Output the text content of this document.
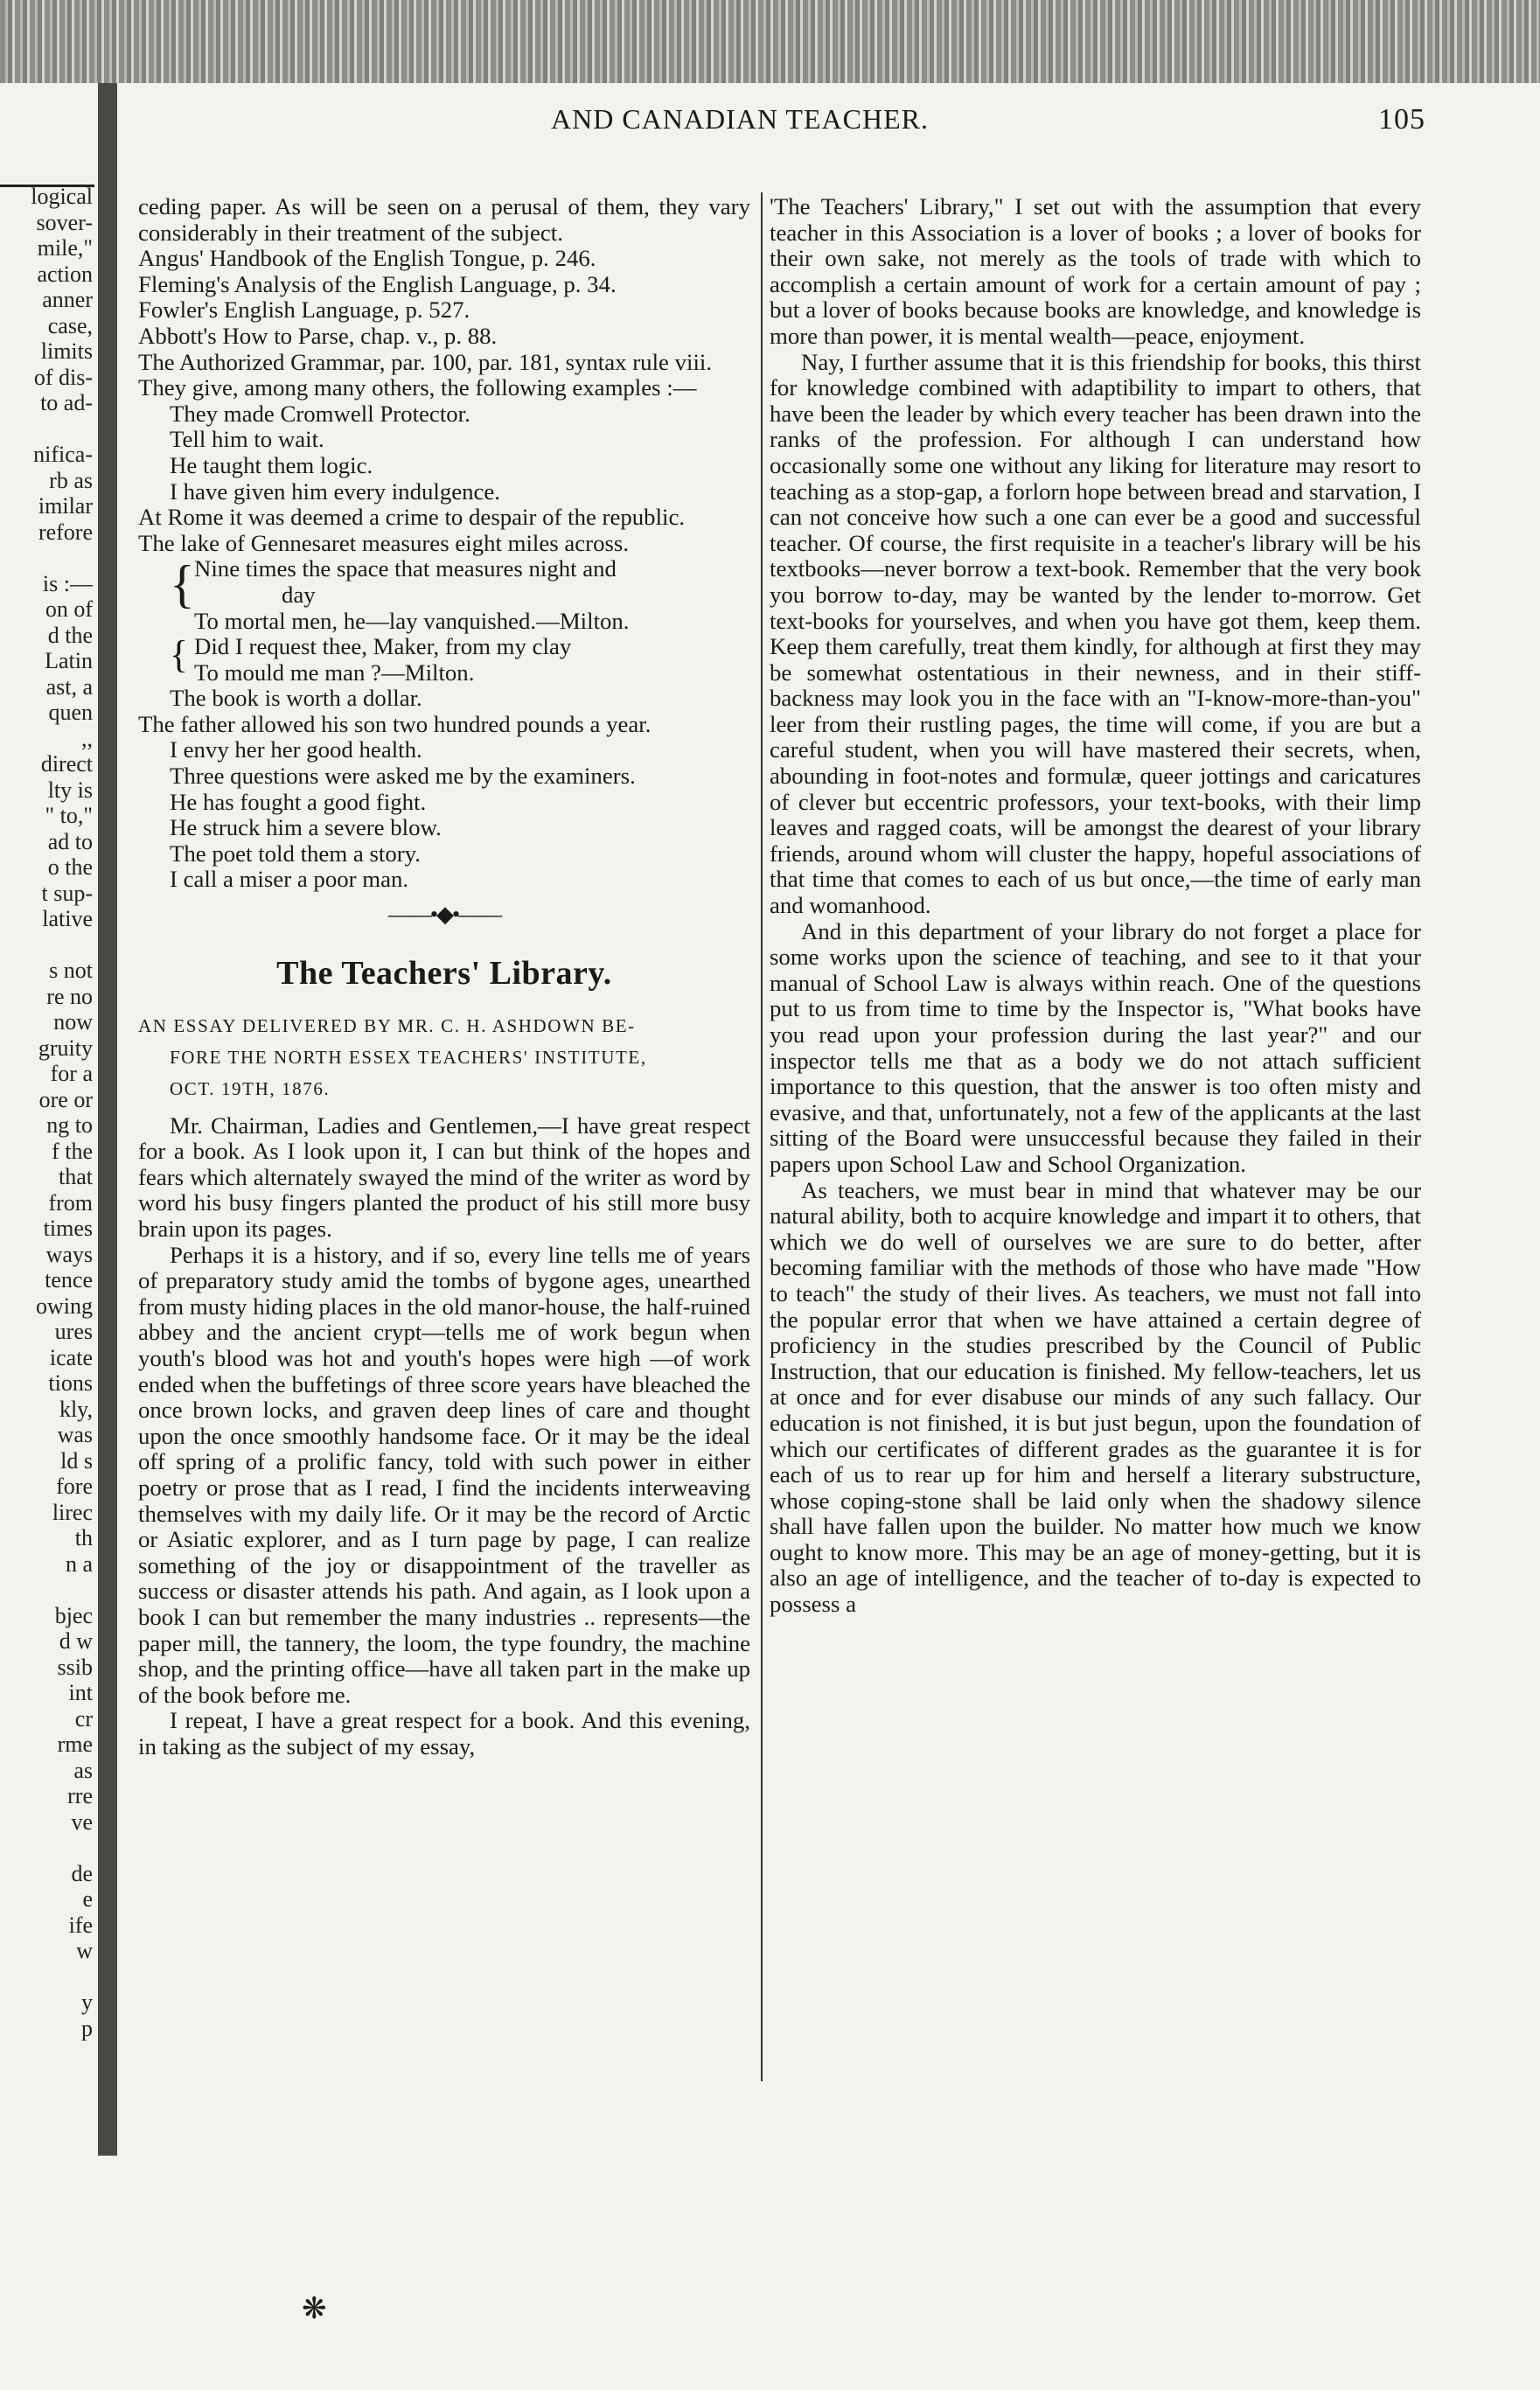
logical
sover-
mile,"
action
anner
case,
limits
of dis-
to ad-

nifica-
rb as
imilar
refore

is :—
on of
d the
Latin
ast, a
quen
,,
direct
lty is
" to,"
ad to
o the
t sup-
lative

s not
re no
now
gruity
for a
ore or
ng to
f the
that
from
times
ways
tence
owing
ures
icate
tions
kly,
was
ld s
fore
lirec
th
n a

bjec
d w
ssib
int
cr
rme
as
rre
ve

de
e
ife
w

y
p
AND CANADIAN TEACHER.	105

ceding paper. As will be seen on a perusal of them, they vary considerably in their treatment of the subject.

Angus' Handbook of the English Tongue, p. 246.

Fleming's Analysis of the English Language, p. 34.

Fowler's English Language, p. 527.

Abbott's How to Parse, chap. v., p. 88.

The Authorized Grammar, par. 100, par. 181, syntax rule viii.

They give, among many others, the following examples :—

They made Cromwell Protector.

Tell him to wait.

He taught them logic.

I have given him every indulgence.

At Rome it was deemed a crime to despair of the republic.

The lake of Gennesaret measures eight miles across.

{ Nine times the space that measures night and

day

To mortal men, he—lay vanquished.—Milton.

{ Did I request thee, Maker, from my clay

To mould me man ?—Milton.

The book is worth a dollar.

The father allowed his son two hundred pounds a year.

I envy her her good health.

Three questions were asked me by the examiners.

He has fought a good fight.

He struck him a severe blow.

The poet told them a story.

I call a miser a poor man.

——•◆•——
The Teachers' Library.
AN ESSAY DELIVERED BY MR. C. H. ASHDOWN BE-
FORE THE NORTH ESSEX TEACHERS' INSTITUTE,
OCT. 19TH, 1876.

Mr. Chairman, Ladies and Gentlemen,—I have great respect for a book. As I look upon it, I can but think of the hopes and fears which alternately swayed the mind of the writer as word by word his busy fingers planted the product of his still more busy brain upon its pages.

Perhaps it is a history, and if so, every line tells me of years of preparatory study amid the tombs of bygone ages, unearthed from musty hiding places in the old manor-house, the half-ruined abbey and the ancient crypt—tells me of work begun when youth's blood was hot and youth's hopes were high —of work ended when the buffetings of three score years have bleached the once brown locks, and graven deep lines of care and thought upon the once smoothly handsome face. Or it may be the ideal off spring of a prolific fancy, told with such power in either poetry or prose that as I read, I find the incidents interweaving themselves with my daily life. Or it may be the record of Arctic or Asiatic explorer, and as I turn page by page, I can realize something of the joy or disappointment of the traveller as success or disaster attends his path. And again, as I look upon a book I can but remember the many industries .. represents—the paper mill, the tannery, the loom, the type foundry, the machine shop, and the printing office—have all taken part in the make up of the book before me.

I repeat, I have a great respect for a book. And this evening, in taking as the subject of my essay,

'The Teachers' Library," I set out with the assumption that every teacher in this Association is a lover of books ; a lover of books for their own sake, not merely as the tools of trade with which to accomplish a certain amount of work for a certain amount of pay ; but a lover of books because books are knowledge, and knowledge is more than power, it is mental wealth—peace, enjoyment.

Nay, I further assume that it is this friendship for books, this thirst for knowledge combined with adaptibility to impart to others, that have been the leader by which every teacher has been drawn into the ranks of the profession. For although I can understand how occasionally some one without any liking for literature may resort to teaching as a stop-gap, a forlorn hope between bread and starvation, I can not conceive how such a one can ever be a good and successful teacher. Of course, the first requisite in a teacher's library will be his textbooks—never borrow a text-book. Remember that the very book you borrow to-day, may be wanted by the lender to-morrow. Get text-books for yourselves, and when you have got them, keep them. Keep them carefully, treat them kindly, for although at first they may be somewhat ostentatious in their newness, and in their stiff-backness may look you in the face with an "I-know-more-than-you" leer from their rustling pages, the time will come, if you are but a careful student, when you will have mastered their secrets, when, abounding in foot-notes and formulæ, queer jottings and caricatures of clever but eccentric professors, your text-books, with their limp leaves and ragged coats, will be amongst the dearest of your library friends, around whom will cluster the happy, hopeful associations of that time that comes to each of us but once,—the time of early man and womanhood.

And in this department of your library do not forget a place for some works upon the science of teaching, and see to it that your manual of School Law is always within reach. One of the questions put to us from time to time by the Inspector is, "What books have you read upon your profession during the last year?" and our inspector tells me that as a body we do not attach sufficient importance to this question, that the answer is too often misty and evasive, and that, unfortunately, not a few of the applicants at the last sitting of the Board were unsuccessful because they failed in their papers upon School Law and School Organization.

As teachers, we must bear in mind that whatever may be our natural ability, both to acquire knowledge and impart it to others, that which we do well of ourselves we are sure to do better, after becoming familiar with the methods of those who have made "How to teach" the study of their lives. As teachers, we must not fall into the popular error that when we have attained a certain degree of proficiency in the studies prescribed by the Council of Public Instruction, that our education is finished. My fellow-teachers, let us at once and for ever disabuse our minds of any such fallacy. Our education is not finished, it is but just begun, upon the foundation of which our certificates of different grades as the guarantee it is for each of us to rear up for him and herself a literary substructure, whose coping-stone shall be laid only when the shadowy silence shall have fallen upon the builder. No matter how much we know ought to know more. This may be an age of money-getting, but it is also an age of intelligence, and the teacher of to-day is expected to possess a

❋
